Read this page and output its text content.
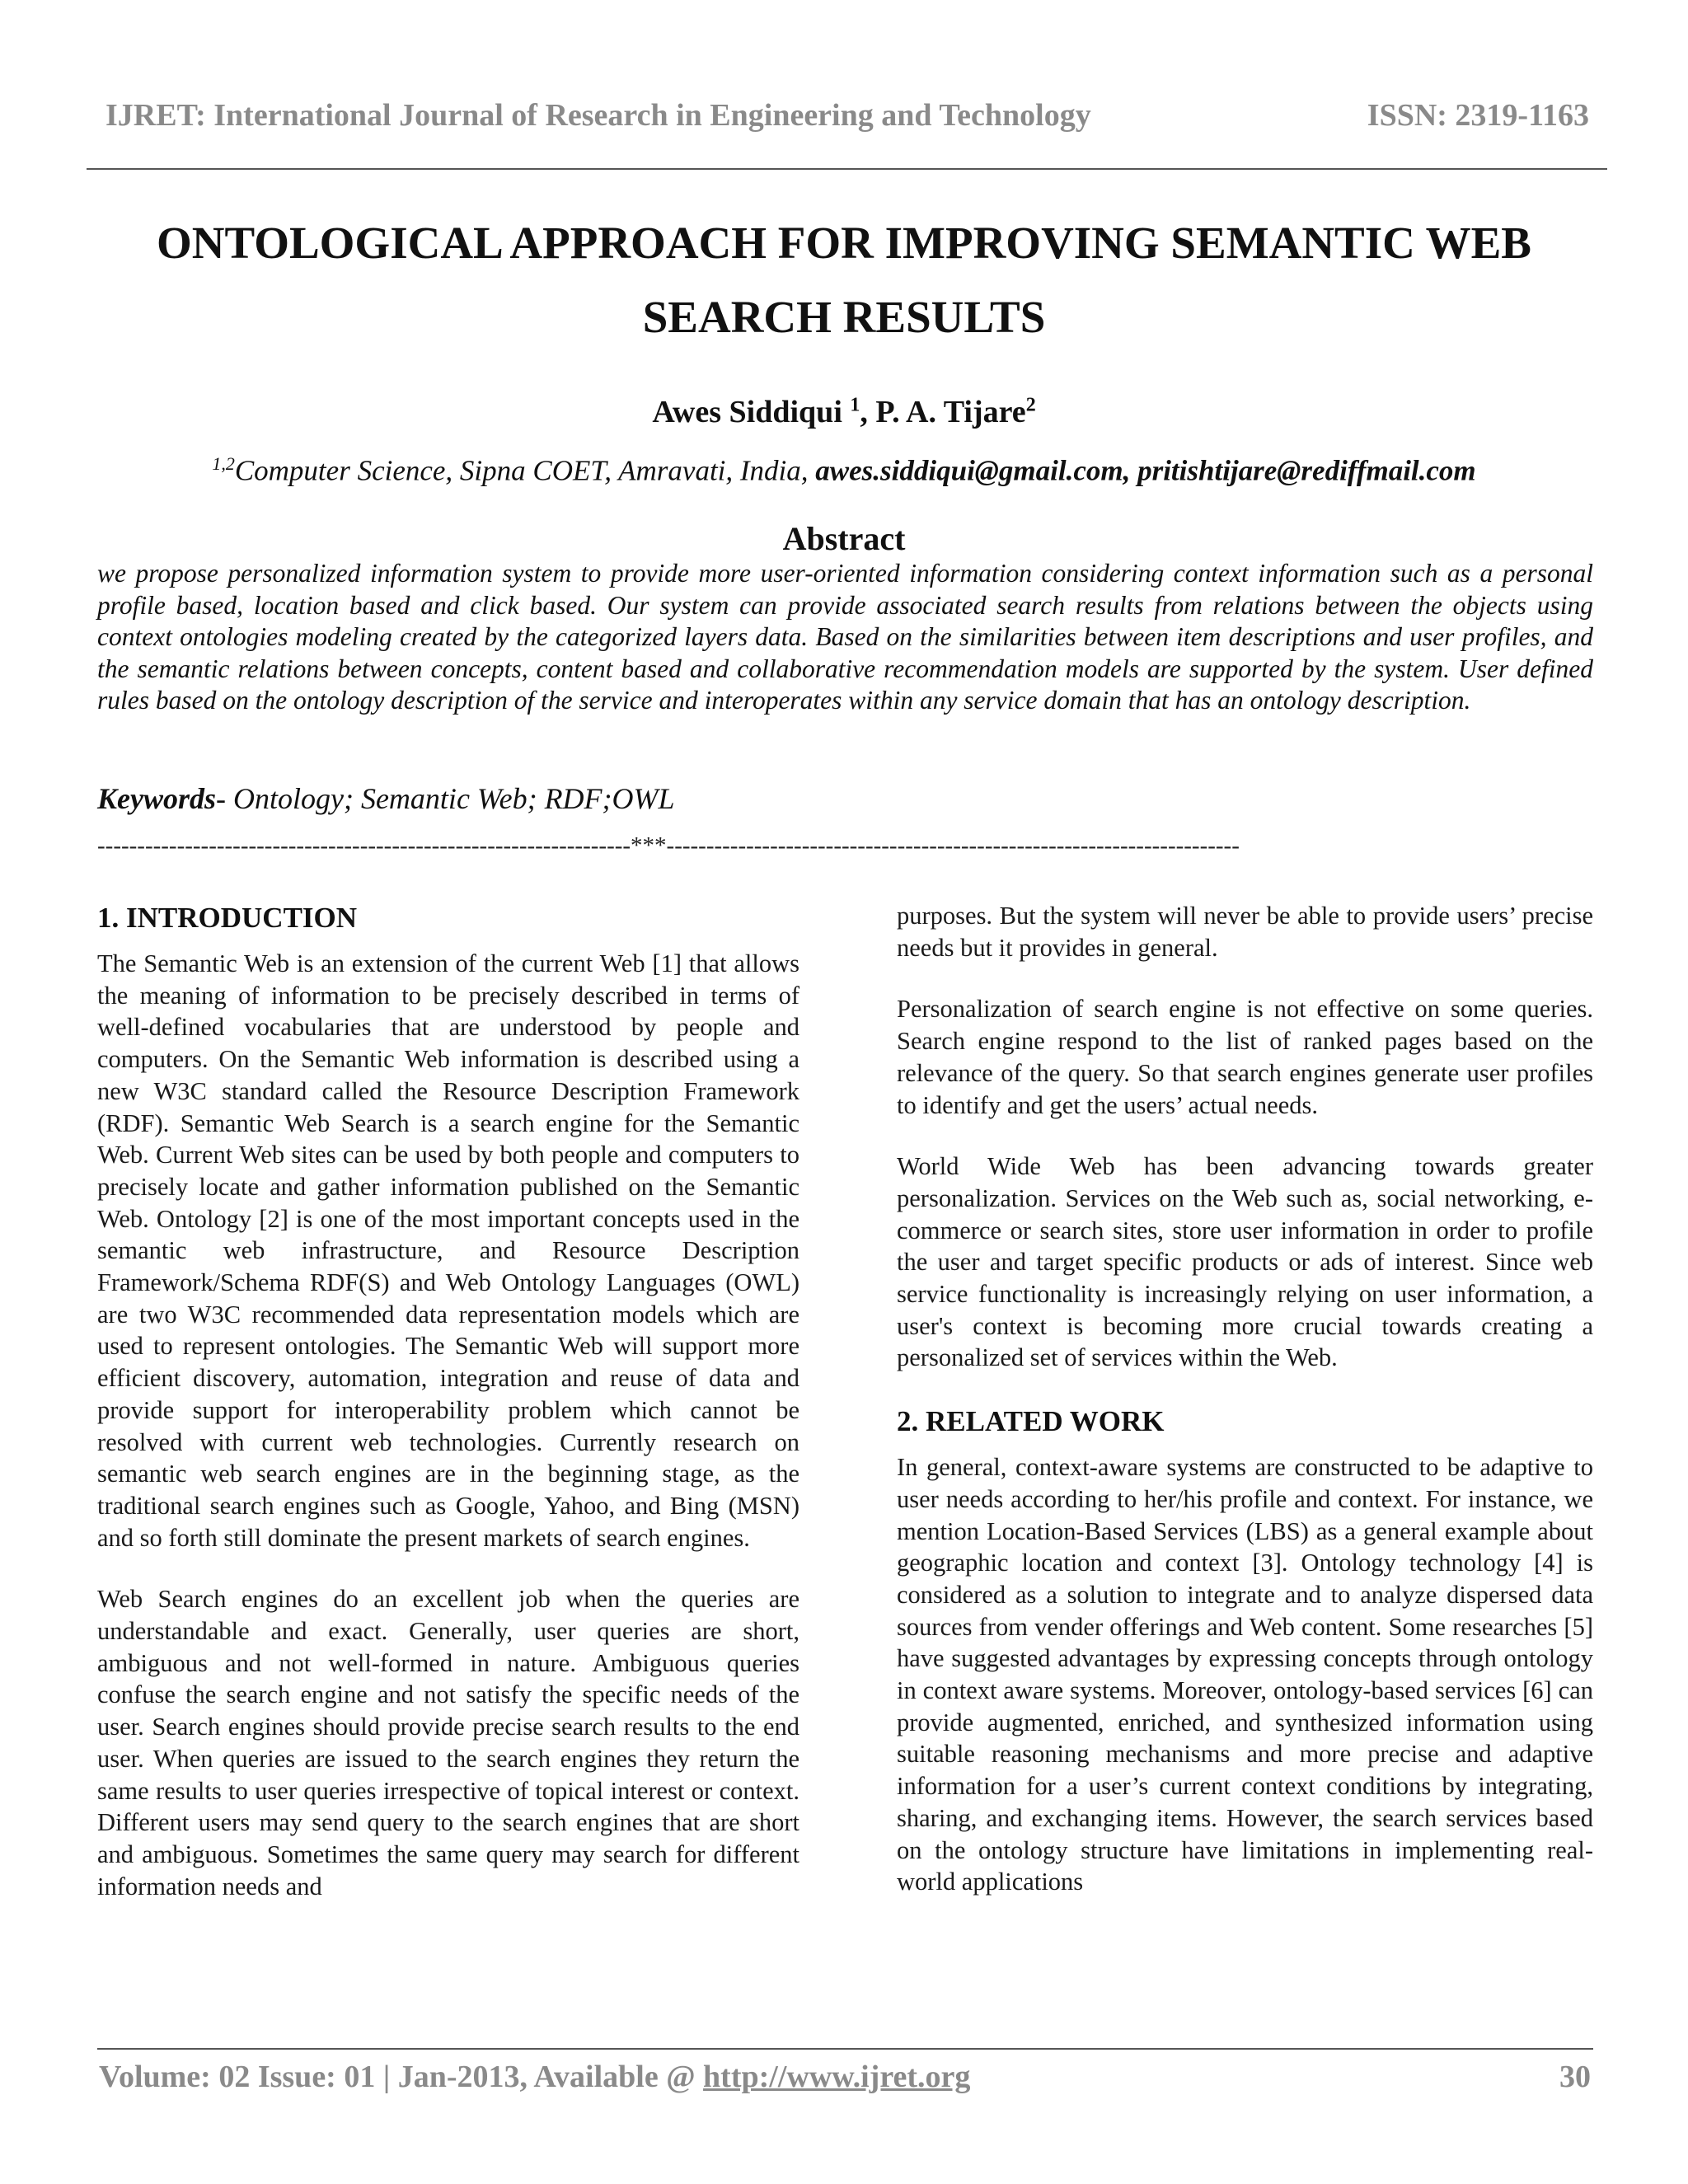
IJRET: International Journal of Research in Engineering and Technology	ISSN: 2319-1163
ONTOLOGICAL APPROACH FOR IMPROVING SEMANTIC WEB
SEARCH RESULTS
Awes Siddiqui $^1$, P. A. Tijare$^2$
$^{1,2}$Computer Science, Sipna COET, Amravati, India, awes.siddiqui@gmail.com, pritishtijare@rediffmail.com
Abstract
we propose personalized information system to provide more user-oriented information considering context information such as a personal profile based, location based and click based. Our system can provide associated search results from relations between the objects using context ontologies modeling created by the categorized layers data. Based on the similarities between item descriptions and user profiles, and the semantic relations between concepts, content based and collaborative recommendation models are supported by the system. User defined rules based on the ontology description of the service and interoperates within any service domain that has an ontology description.
Keywords- Ontology; Semantic Web; RDF;OWL
-------------------------------------------------------------------***------------------------------------------------------------------------
1. INTRODUCTION

The Semantic Web is an extension of the current Web [1] that allows the meaning of information to be precisely described in terms of well-defined vocabularies that are understood by people and computers. On the Semantic Web information is described using a new W3C standard called the Resource Description Framework (RDF). Semantic Web Search is a search engine for the Semantic Web. Current Web sites can be used by both people and computers to precisely locate and gather information published on the Semantic Web. Ontology [2] is one of the most important concepts used in the semantic web infrastructure, and Resource Description Framework/Schema RDF(S) and Web Ontology Languages (OWL) are two W3C recommended data representation models which are used to represent ontologies. The Semantic Web will support more efficient discovery, automation, integration and reuse of data and provide support for interoperability problem which cannot be resolved with current web technologies. Currently research on semantic web search engines are in the beginning stage, as the traditional search engines such as Google, Yahoo, and Bing (MSN) and so forth still dominate the present markets of search engines.

Web Search engines do an excellent job when the queries are understandable and exact. Generally, user queries are short, ambiguous and not well-formed in nature. Ambiguous queries confuse the search engine and not satisfy the specific needs of the user. Search engines should provide precise search results to the end user. When queries are issued to the search engines they return the same results to user queries irrespective of topical interest or context. Different users may send query to the search engines that are short and ambiguous. Sometimes the same query may search for different information needs and

purposes. But the system will never be able to provide users’ precise needs but it provides in general.

Personalization of search engine is not effective on some queries. Search engine respond to the list of ranked pages based on the relevance of the query. So that search engines generate user profiles to identify and get the users’ actual needs.

World Wide Web has been advancing towards greater personalization. Services on the Web such as, social networking, e-commerce or search sites, store user information in order to profile the user and target specific products or ads of interest. Since web service functionality is increasingly relying on user information, a user's context is becoming more crucial towards creating a personalized set of services within the Web.

2. RELATED WORK

In general, context-aware systems are constructed to be adaptive to user needs according to her/his profile and context. For instance, we mention Location-Based Services (LBS) as a general example about geographic location and context [3]. Ontology technology [4] is considered as a solution to integrate and to analyze dispersed data sources from vender offerings and Web content. Some researches [5] have suggested advantages by expressing concepts through ontology in context aware systems. Moreover, ontology-based services [6] can provide augmented, enriched, and synthesized information using suitable reasoning mechanisms and more precise and adaptive information for a user’s current context conditions by integrating, sharing, and exchanging items. However, the search services based on the ontology structure have limitations in implementing real-world applications

Volume: 02 Issue: 01 | Jan-2013, Available @ http://www.ijret.org	30
